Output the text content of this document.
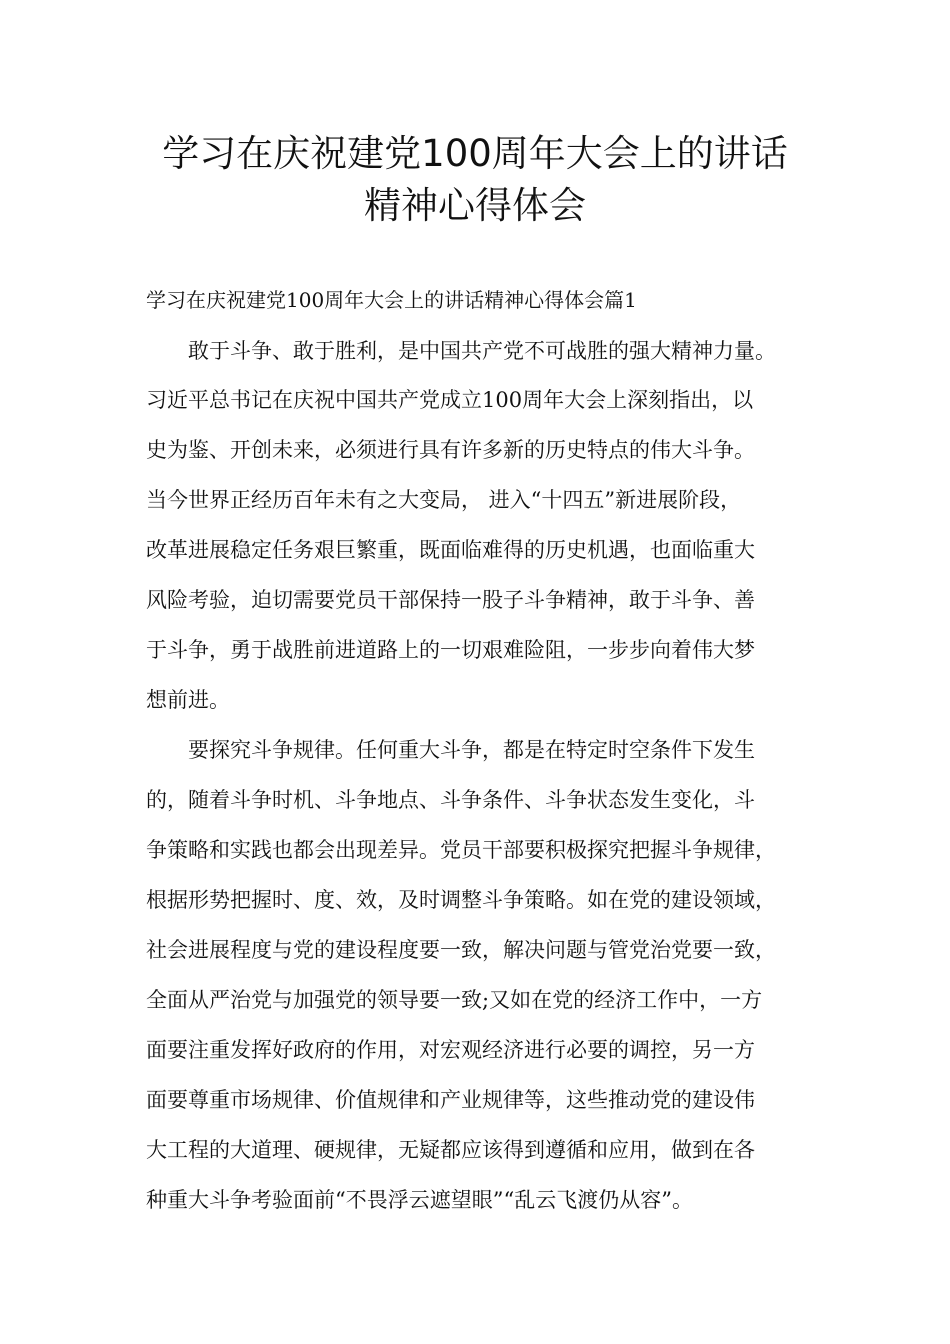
学习在庆祝建党100周年大会上的讲话
精神心得体会

学习在庆祝建党100周年大会上的讲话精神心得体会篇1

敢于斗争、敢于胜利，是中国共产党不可战胜的强大精神力量。

习近平总书记在庆祝中国共产党成立100周年大会上深刻指出，以

史为鉴、开创未来，必须进行具有许多新的历史特点的伟大斗争。

当今世界正经历百年未有之大变局， 进入“十四五”新进展阶段，

改革进展稳定任务艰巨繁重，既面临难得的历史机遇，也面临重大

风险考验，迫切需要党员干部保持一股子斗争精神，敢于斗争、善

于斗争，勇于战胜前进道路上的一切艰难险阻，一步步向着伟大梦

想前进。

要探究斗争规律。任何重大斗争，都是在特定时空条件下发生

的，随着斗争时机、斗争地点、斗争条件、斗争状态发生变化，斗

争策略和实践也都会出现差异。党员干部要积极探究把握斗争规律，

根据形势把握时、度、效，及时调整斗争策略。如在党的建设领域，

社会进展程度与党的建设程度要一致，解决问题与管党治党要一致，

全面从严治党与加强党的领导要一致;又如在党的经济工作中，一方

面要注重发挥好政府的作用，对宏观经济进行必要的调控，另一方

面要尊重市场规律、价值规律和产业规律等，这些推动党的建设伟

大工程的大道理、硬规律，无疑都应该得到遵循和应用，做到在各

种重大斗争考验面前“不畏浮云遮望眼”“乱云飞渡仍从容”。
